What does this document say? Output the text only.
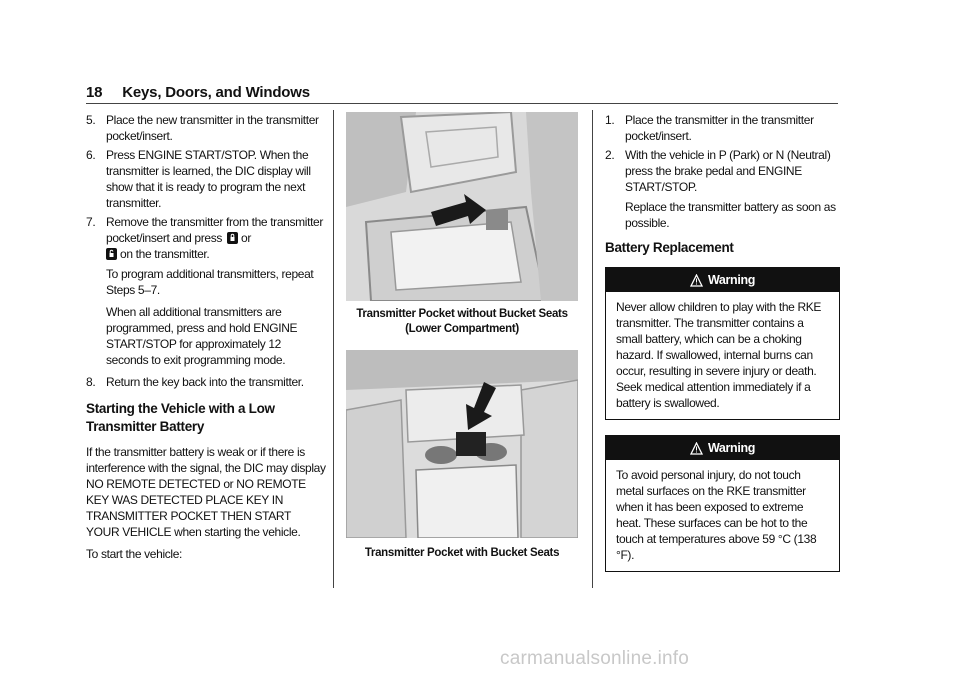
18 Keys, Doors, and Windows
5. Place the new transmitter in the transmitter pocket/insert.
6. Press ENGINE START/STOP. When the transmitter is learned, the DIC display will show that it is ready to program the next transmitter.
7. Remove the transmitter from the transmitter pocket/insert and press or
on the transmitter.
To program additional transmitters, repeat Steps 5–7.
When all additional transmitters are programmed, press and hold ENGINE START/STOP for approximately 12 seconds to exit programming mode.
8. Return the key back into the transmitter.
Starting the Vehicle with a Low
Transmitter Battery
If the transmitter battery is weak or if there is interference with the signal, the DIC may display NO REMOTE DETECTED or NO REMOTE KEY WAS DETECTED PLACE KEY IN TRANSMITTER POCKET THEN START YOUR VEHICLE when starting the vehicle.
To start the vehicle:
Transmitter Pocket without Bucket Seats
(Lower Compartment)
Transmitter Pocket with Bucket Seats
1. Place the transmitter in the transmitter pocket/insert.
2. With the vehicle in P (Park) or N (Neutral) press the brake pedal and ENGINE START/STOP.
Replace the transmitter battery as soon as possible.
Battery Replacement
Warning
Never allow children to play with the RKE transmitter. The transmitter contains a small battery, which can be a choking hazard. If swallowed, internal burns can occur, resulting in severe injury or death. Seek medical attention immediately if a battery is swallowed.
Warning
To avoid personal injury, do not touch metal surfaces on the RKE transmitter when it has been exposed to extreme heat. These surfaces can be hot to the touch at temperatures above 59 °C (138 °F).
carmanualsonline.info
